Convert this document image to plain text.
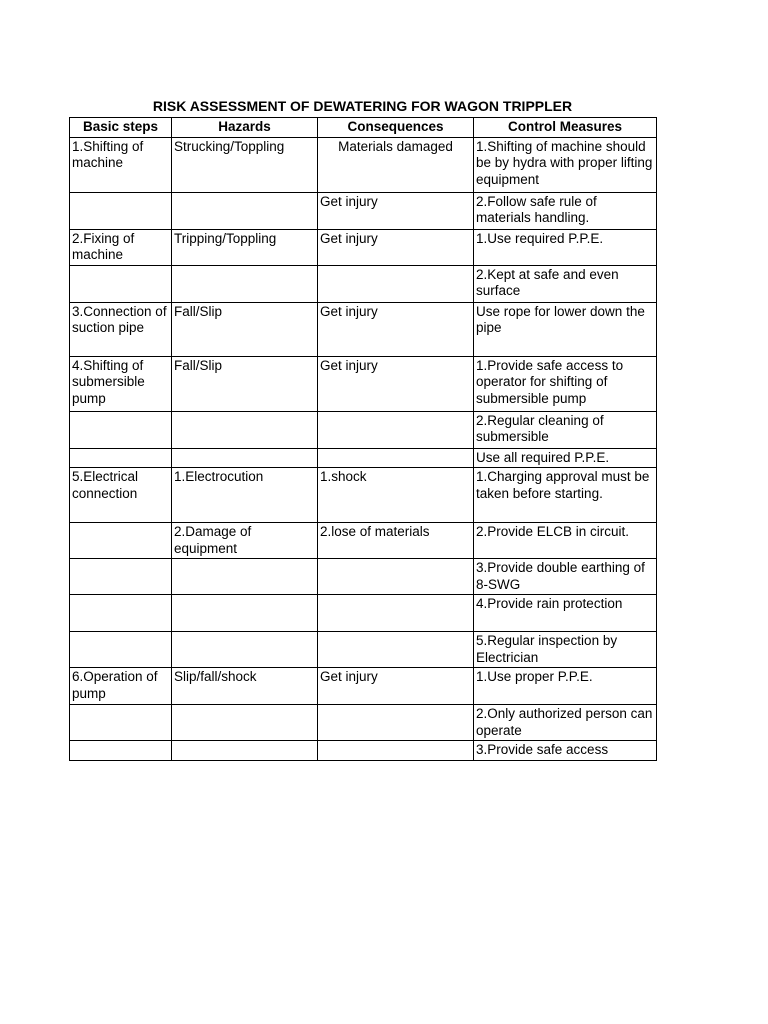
RISK ASSESSMENT OF DEWATERING FOR WAGON TRIPPLER
Basic steps	Hazards	Consequences	Control Measures
1.Shifting of machine	Strucking/Toppling	Materials damaged	1.Shifting of machine should be by hydra with proper lifting equipment
		Get injury	2.Follow safe rule of materials handling.
2.Fixing of machine	Tripping/Toppling	Get injury	1.Use required P.P.E.
			2.Kept at safe and even surface
3.Connection of suction pipe	Fall/Slip	Get injury	Use rope for lower down the pipe
4.Shifting of submersible pump	Fall/Slip	Get injury	1.Provide safe access to operator for shifting of submersible pump
			2.Regular cleaning of submersible
			Use all required P.P.E.
5.Electrical connection	1.Electrocution	1.shock	1.Charging approval must be taken before starting.
	2.Damage of equipment	2.lose of materials	2.Provide ELCB in circuit.
			3.Provide double earthing of 8-SWG
			4.Provide rain protection
			5.Regular inspection by Electrician
6.Operation of pump	Slip/fall/shock	Get injury	1.Use proper P.P.E.
			2.Only authorized person can operate
			3.Provide safe access
